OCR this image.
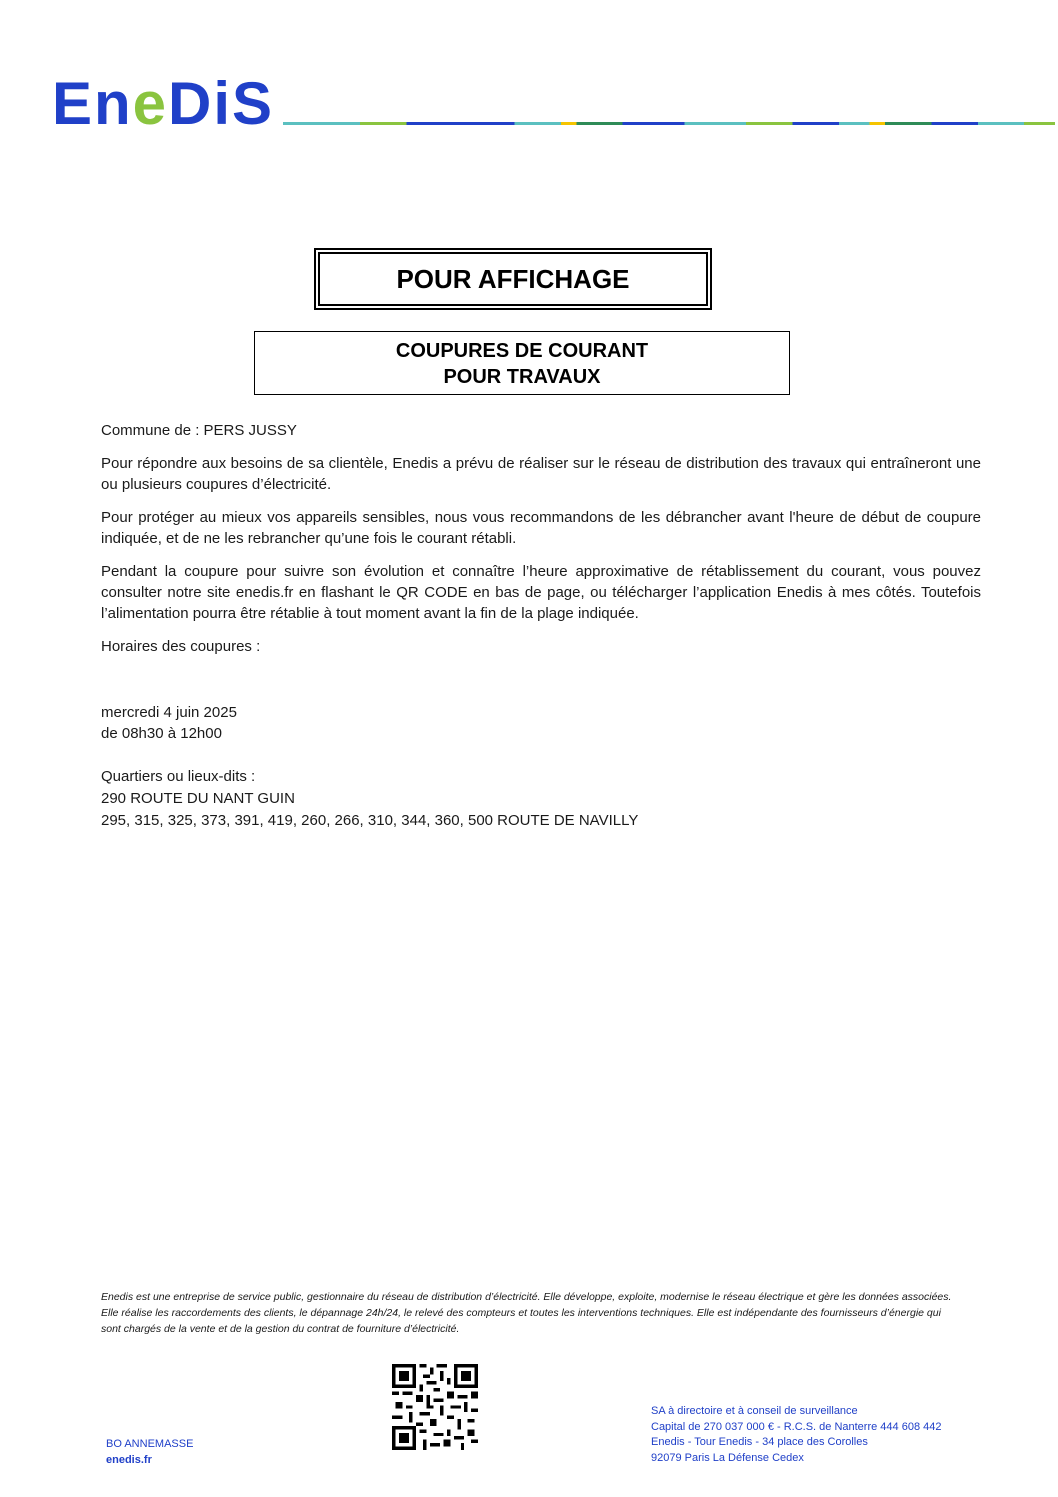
EneDiS
POUR AFFICHAGE
COUPURES DE COURANT
POUR TRAVAUX

Commune de : PERS JUSSY

Pour répondre aux besoins de sa clientèle, Enedis a prévu de réaliser sur le réseau de distribution des travaux qui entraîneront une ou plusieurs coupures d’électricité.

Pour protéger au mieux vos appareils sensibles, nous vous recommandons de les débrancher avant l'heure de début de coupure indiquée, et de ne les rebrancher qu’une fois le courant rétabli.

Pendant la coupure pour suivre son évolution et connaître l’heure approximative de rétablissement du courant, vous pouvez consulter notre site enedis.fr en flashant le QR CODE en bas de page, ou télécharger l’application Enedis à mes côtés. Toutefois l’alimentation pourra être rétablie à tout moment avant la fin de la plage indiquée.

Horaires des coupures :

mercredi 4 juin 2025
de 08h30 à 12h00
Quartiers ou lieux-dits :
290 ROUTE DU NANT GUIN
295, 315, 325, 373, 391, 419, 260, 266, 310, 344, 360, 500 ROUTE DE NAVILLY
Enedis est une entreprise de service public, gestionnaire du réseau de distribution d’électricité. Elle développe, exploite, modernise le réseau électrique et gère les données associées. Elle réalise les raccordements des clients, le dépannage 24h/24, le relevé des compteurs et toutes les interventions techniques. Elle est indépendante des fournisseurs d’énergie qui sont chargés de la vente et de la gestion du contrat de fourniture d’électricité.
BO ANNEMASSE
enedis.fr
SA à directoire et à conseil de surveillance
Capital de 270 037 000 € - R.C.S. de Nanterre 444 608 442
Enedis - Tour Enedis - 34 place des Corolles
92079 Paris La Défense Cedex
